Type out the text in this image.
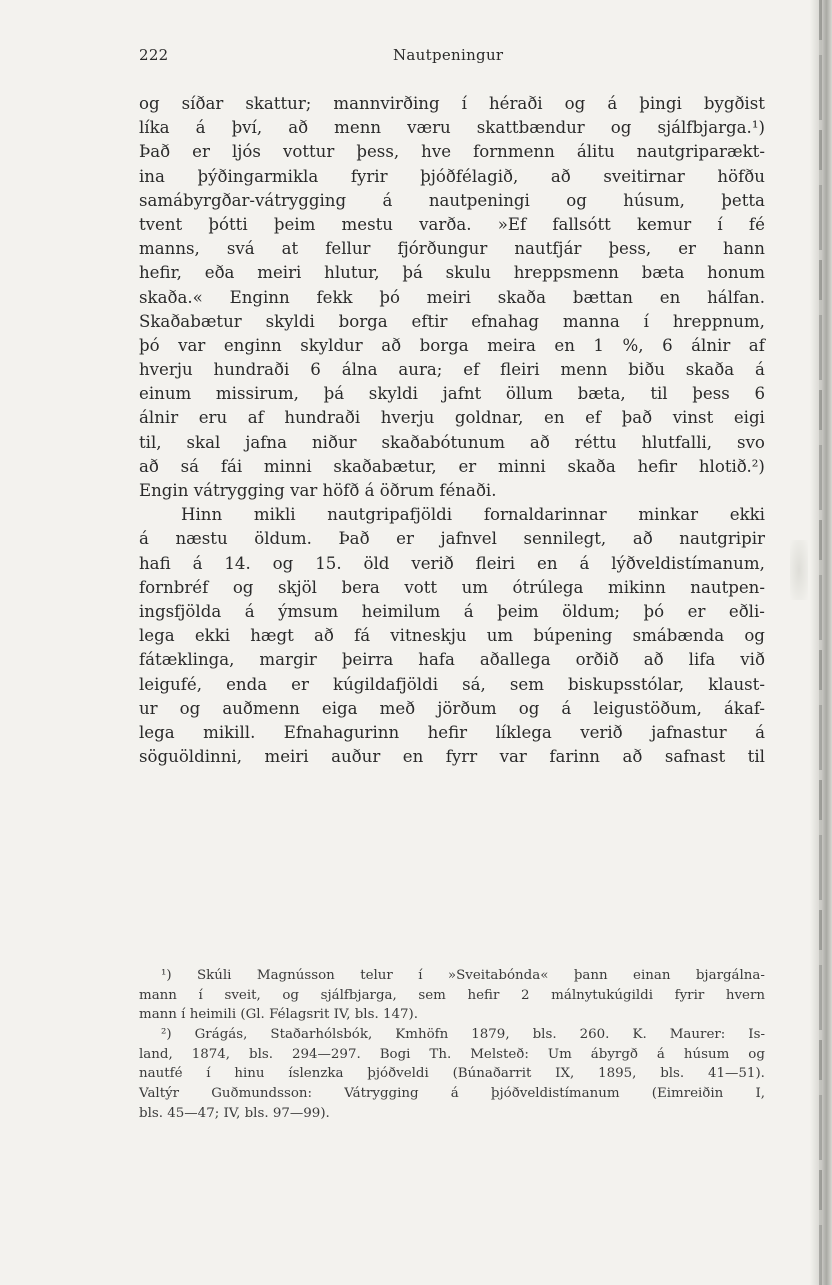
222	Nautpeningur
og síðar skattur; mannvirðing í héraði og á þingi bygðist
líka á því, að menn væru skattbændur og sjálfbjarga.¹)
Það er ljós vottur þess, hve fornmenn álitu nautgriparækt-
ina þýðingarmikla fyrir þjóðfélagið, að sveitirnar höfðu
samábyrgðar-vátrygging á nautpeningi og húsum, þetta
tvent þótti þeim mestu varða. »Ef fallsótt kemur í fé
manns, svá at fellur fjórðungur nautfjár þess, er hann
hefir, eða meiri hlutur, þá skulu hreppsmenn bæta honum
skaða.« Enginn fekk þó meiri skaða bættan en hálfan.
Skaðabætur skyldi borga eftir efnahag manna í hreppnum,
þó var enginn skyldur að borga meira en 1 %, 6 álnir af
hverju hundraði 6 álna aura; ef fleiri menn biðu skaða á
einum missirum, þá skyldi jafnt öllum bæta, til þess 6
álnir eru af hundraði hverju goldnar, en ef það vinst eigi
til, skal jafna niður skaðabótunum að réttu hlutfalli, svo
að sá fái minni skaðabætur, er minni skaða hefir hlotið.²)
Engin vátrygging var höfð á öðrum fénaði.
Hinn mikli nautgripafjöldi fornaldarinnar minkar ekki
á næstu öldum. Það er jafnvel sennilegt, að nautgripir
hafi á 14. og 15. öld verið fleiri en á lýðveldistímanum,
fornbréf og skjöl bera vott um ótrúlega mikinn nautpen-
ingsfjölda á ýmsum heimilum á þeim öldum; þó er eðli-
lega ekki hægt að fá vitneskju um búpening smábænda og
fátæklinga, margir þeirra hafa aðallega orðið að lifa við
leigufé, enda er kúgildafjöldi sá, sem biskupsstólar, klaust-
ur og auðmenn eiga með jörðum og á leigustöðum, ákaf-
lega mikill. Efnahagurinn hefir líklega verið jafnastur á
söguöldinni, meiri auður en fyrr var farinn að safnast til
¹) Skúli Magnússon telur í »Sveitabónda« þann einan bjargálna-
mann í sveit, og sjálfbjarga, sem hefir 2 málnytukúgildi fyrir hvern
mann í heimili (Gl. Félagsrit IV, bls. 147).
²) Grágás, Staðarhólsbók, Kmhöfn 1879, bls. 260. K. Maurer: Is-
land, 1874, bls. 294—297. Bogi Th. Melsteð: Um ábyrgð á húsum og
nautfé í hinu íslenzka þjóðveldi (Búnaðarrit IX, 1895, bls. 41—51).
Valtýr Guðmundsson: Vátrygging á þjóðveldistímanum (Eimreiðin I,
bls. 45—47; IV, bls. 97—99).
